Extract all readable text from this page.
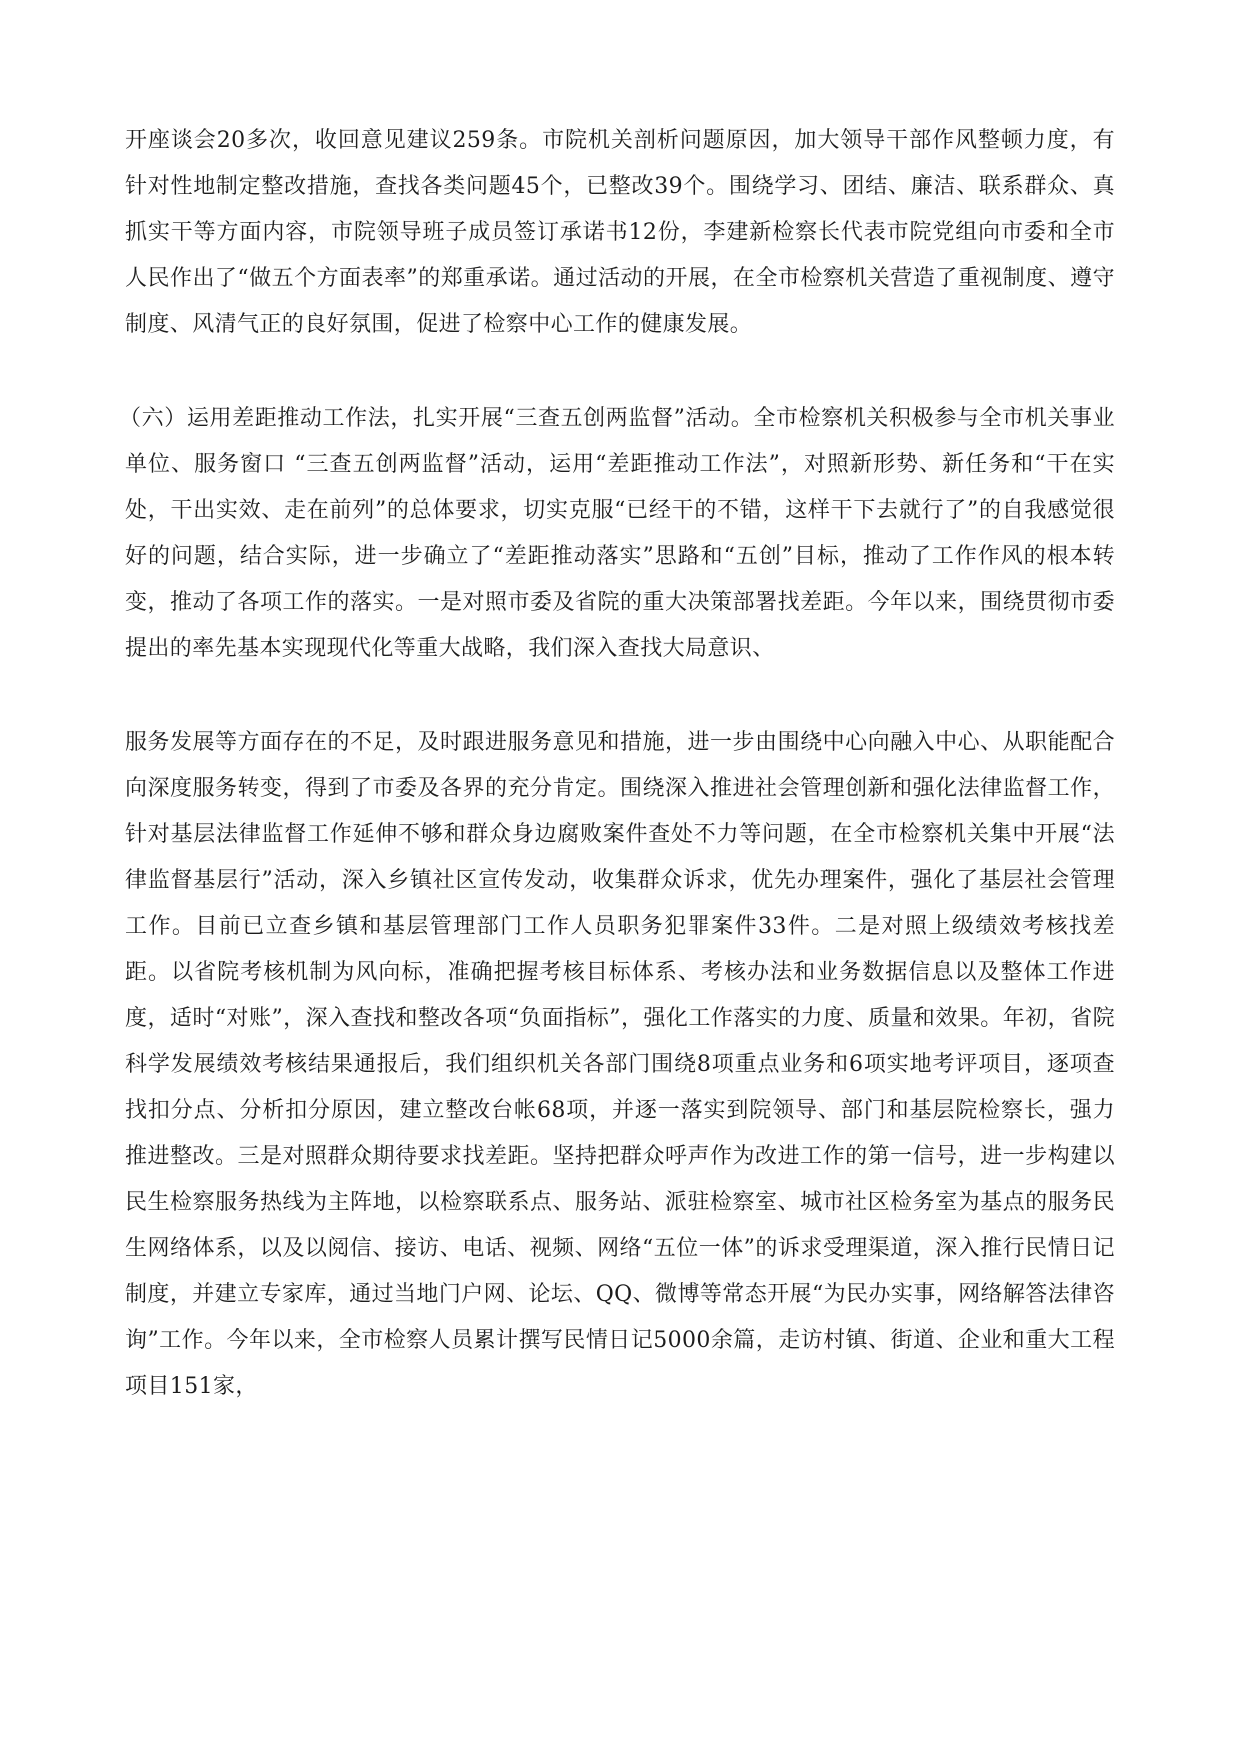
开座谈会20多次，收回意见建议259条。市院机关剖析问题原因，加大领导干部作风整顿力度，有针对性地制定整改措施，查找各类问题45个，已整改39个。围绕学习、团结、廉洁、联系群众、真抓实干等方面内容，市院领导班子成员签订承诺书12份，李建新检察长代表市院党组向市委和全市人民作出了“做五个方面表率”的郑重承诺。通过活动的开展，在全市检察机关营造了重视制度、遵守制度、风清气正的良好氛围，促进了检察中心工作的健康发展。

（六）运用差距推动工作法，扎实开展“三查五创两监督”活动。全市检察机关积极参与全市机关事业单位、服务窗口 “三查五创两监督”活动，运用“差距推动工作法”，对照新形势、新任务和“干在实处，干出实效、走在前列”的总体要求，切实克服“已经干的不错，这样干下去就行了”的自我感觉很好的问题，结合实际，进一步确立了“差距推动落实”思路和“五创”目标，推动了工作作风的根本转变，推动了各项工作的落实。一是对照市委及省院的重大决策部署找差距。今年以来，围绕贯彻市委提出的率先基本实现现代化等重大战略，我们深入查找大局意识、

服务发展等方面存在的不足，及时跟进服务意见和措施，进一步由围绕中心向融入中心、从职能配合向深度服务转变，得到了市委及各界的充分肯定。围绕深入推进社会管理创新和强化法律监督工作，针对基层法律监督工作延伸不够和群众身边腐败案件查处不力等问题，在全市检察机关集中开展“法律监督基层行”活动，深入乡镇社区宣传发动，收集群众诉求，优先办理案件，强化了基层社会管理工作。目前已立查乡镇和基层管理部门工作人员职务犯罪案件33件。二是对照上级绩效考核找差距。以省院考核机制为风向标，准确把握考核目标体系、考核办法和业务数据信息以及整体工作进度，适时“对账”，深入查找和整改各项“负面指标”，强化工作落实的力度、质量和效果。年初，省院科学发展绩效考核结果通报后，我们组织机关各部门围绕8项重点业务和6项实地考评项目，逐项查找扣分点、分析扣分原因，建立整改台帐68项，并逐一落实到院领导、部门和基层院检察长，强力推进整改。三是对照群众期待要求找差距。坚持把群众呼声作为改进工作的第一信号，进一步构建以民生检察服务热线为主阵地，以检察联系点、服务站、派驻检察室、城市社区检务室为基点的服务民生网络体系，以及以阅信、接访、电话、视频、网络“五位一体”的诉求受理渠道，深入推行民情日记制度，并建立专家库，通过当地门户网、论坛、QQ、微博等常态开展“为民办实事，网络解答法律咨询”工作。今年以来，全市检察人员累计撰写民情日记5000余篇，走访村镇、街道、企业和重大工程项目151家，
